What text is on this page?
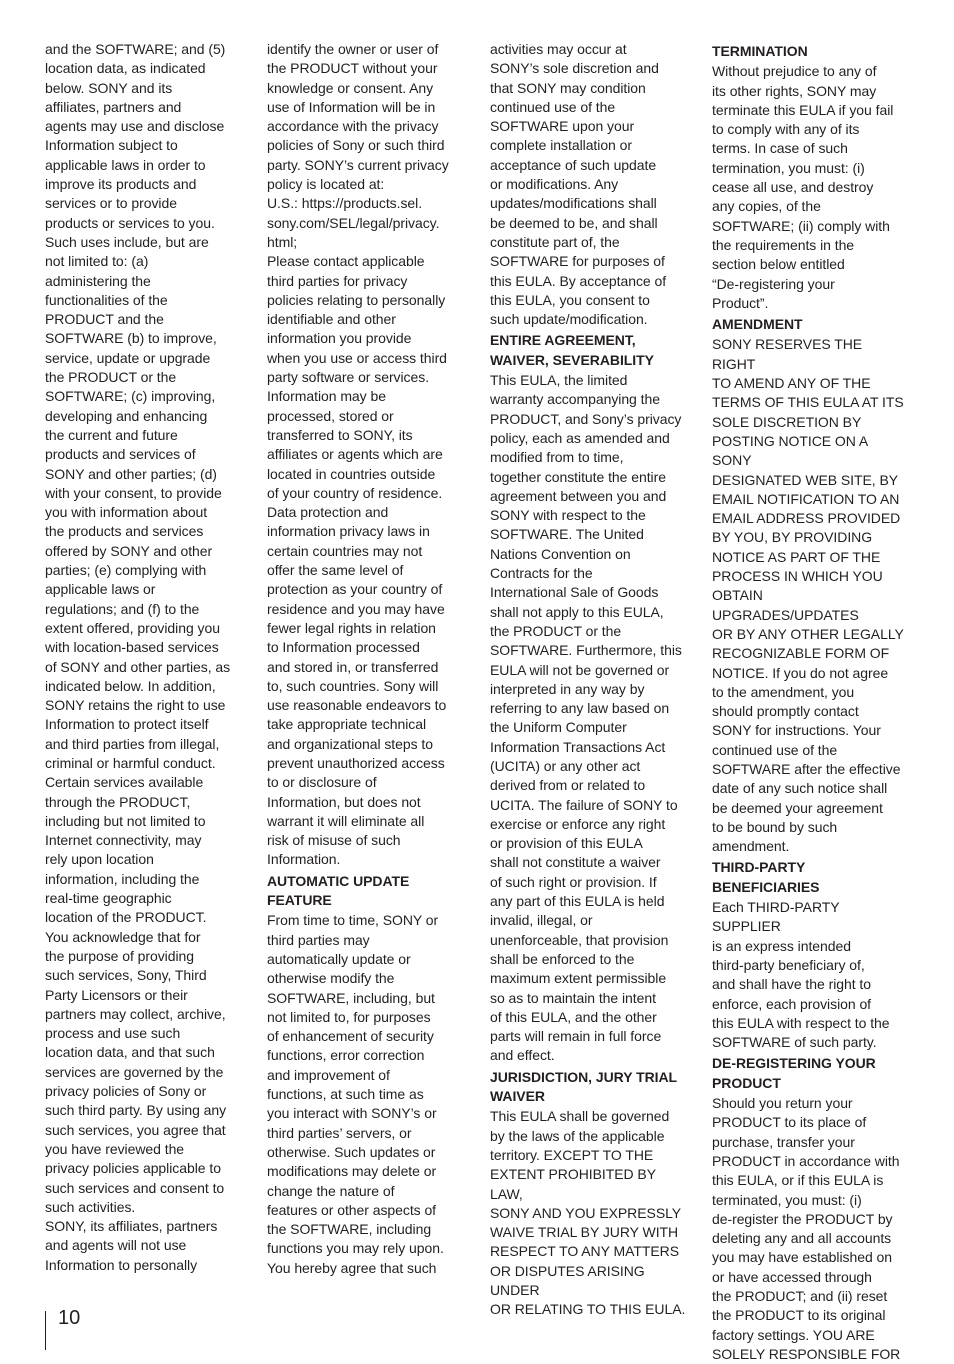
and the SOFTWARE; and (5)
location data, as indicated
below. SONY and its
affiliates, partners and
agents may use and disclose
Information subject to
applicable laws in order to
improve its products and
services or to provide
products or services to you.
Such uses include, but are
not limited to: (a)
administering the
functionalities of the
PRODUCT and the
SOFTWARE (b) to improve,
service, update or upgrade
the PRODUCT or the
SOFTWARE; (c) improving,
developing and enhancing
the current and future
products and services of
SONY and other parties; (d)
with your consent, to provide
you with information about
the products and services
offered by SONY and other
parties; (e) complying with
applicable laws or
regulations; and (f) to the
extent offered, providing you
with location-based services
of SONY and other parties, as
indicated below. In addition,
SONY retains the right to use
Information to protect itself
and third parties from illegal,
criminal or harmful conduct.
Certain services available
through the PRODUCT,
including but not limited to
Internet connectivity, may
rely upon location
information, including the
real-time geographic
location of the PRODUCT.
You acknowledge that for
the purpose of providing
such services, Sony, Third
Party Licensors or their
partners may collect, archive,
process and use such
location data, and that such
services are governed by the
privacy policies of Sony or
such third party. By using any
such services, you agree that
you have reviewed the
privacy policies applicable to
such services and consent to
such activities.
SONY, its affiliates, partners
and agents will not use
Information to personally

identify the owner or user of
the PRODUCT without your
knowledge or consent. Any
use of Information will be in
accordance with the privacy
policies of Sony or such third
party. SONY’s current privacy
policy is located at:
U.S.: https://products.sel.
sony.com/SEL/legal/privacy.
html;
Please contact applicable
third parties for privacy
policies relating to personally
identifiable and other
information you provide
when you use or access third
party software or services.
Information may be
processed, stored or
transferred to SONY, its
affiliates or agents which are
located in countries outside
of your country of residence.
Data protection and
information privacy laws in
certain countries may not
offer the same level of
protection as your country of
residence and you may have
fewer legal rights in relation
to Information processed
and stored in, or transferred
to, such countries. Sony will
use reasonable endeavors to
take appropriate technical
and organizational steps to
prevent unauthorized access
to or disclosure of
Information, but does not
warrant it will eliminate all
risk of misuse of such
Information.

AUTOMATIC UPDATE
FEATURE

From time to time, SONY or
third parties may
automatically update or
otherwise modify the
SOFTWARE, including, but
not limited to, for purposes
of enhancement of security
functions, error correction
and improvement of
functions, at such time as
you interact with SONY’s or
third parties’ servers, or
otherwise. Such updates or
modifications may delete or
change the nature of
features or other aspects of
the SOFTWARE, including
functions you may rely upon.
You hereby agree that such

activities may occur at
SONY’s sole discretion and
that SONY may condition
continued use of the
SOFTWARE upon your
complete installation or
acceptance of such update
or modifications. Any
updates/modifications shall
be deemed to be, and shall
constitute part of, the
SOFTWARE for purposes of
this EULA. By acceptance of
this EULA, you consent to
such update/modification.

ENTIRE AGREEMENT,
WAIVER, SEVERABILITY

This EULA, the limited
warranty accompanying the
PRODUCT, and Sony’s privacy
policy, each as amended and
modified from to time,
together constitute the entire
agreement between you and
SONY with respect to the
SOFTWARE. The United
Nations Convention on
Contracts for the
International Sale of Goods
shall not apply to this EULA,
the PRODUCT or the
SOFTWARE. Furthermore, this
EULA will not be governed or
interpreted in any way by
referring to any law based on
the Uniform Computer
Information Transactions Act
(UCITA) or any other act
derived from or related to
UCITA. The failure of SONY to
exercise or enforce any right
or provision of this EULA
shall not constitute a waiver
of such right or provision. If
any part of this EULA is held
invalid, illegal, or
unenforceable, that provision
shall be enforced to the
maximum extent permissible
so as to maintain the intent
of this EULA, and the other
parts will remain in full force
and effect.

JURISDICTION, JURY TRIAL
WAIVER

This EULA shall be governed
by the laws of the applicable
territory. EXCEPT TO THE
EXTENT PROHIBITED BY LAW,
SONY AND YOU EXPRESSLY
WAIVE TRIAL BY JURY WITH
RESPECT TO ANY MATTERS
OR DISPUTES ARISING UNDER
OR RELATING TO THIS EULA.

TERMINATION

Without prejudice to any of
its other rights, SONY may
terminate this EULA if you fail
to comply with any of its
terms. In case of such
termination, you must: (i)
cease all use, and destroy
any copies, of the
SOFTWARE; (ii) comply with
the requirements in the
section below entitled
“De-registering your
Product”.

AMENDMENT

SONY RESERVES THE RIGHT
TO AMEND ANY OF THE
TERMS OF THIS EULA AT ITS
SOLE DISCRETION BY
POSTING NOTICE ON A SONY
DESIGNATED WEB SITE, BY
EMAIL NOTIFICATION TO AN
EMAIL ADDRESS PROVIDED
BY YOU, BY PROVIDING
NOTICE AS PART OF THE
PROCESS IN WHICH YOU
OBTAIN UPGRADES/UPDATES
OR BY ANY OTHER LEGALLY
RECOGNIZABLE FORM OF
NOTICE. If you do not agree
to the amendment, you
should promptly contact
SONY for instructions. Your
continued use of the
SOFTWARE after the effective
date of any such notice shall
be deemed your agreement
to be bound by such
amendment.

THIRD-PARTY BENEFICIARIES

Each THIRD-PARTY SUPPLIER
is an express intended
third-party beneficiary of,
and shall have the right to
enforce, each provision of
this EULA with respect to the
SOFTWARE of such party.

DE-REGISTERING YOUR
PRODUCT

Should you return your
PRODUCT to its place of
purchase, transfer your
PRODUCT in accordance with
this EULA, or if this EULA is
terminated, you must: (i)
de-register the PRODUCT by
deleting any and all accounts
you may have established on
or have accessed through
the PRODUCT; and (ii) reset
the PRODUCT to its original
factory settings. YOU ARE
SOLELY RESPONSIBLE FOR

10
